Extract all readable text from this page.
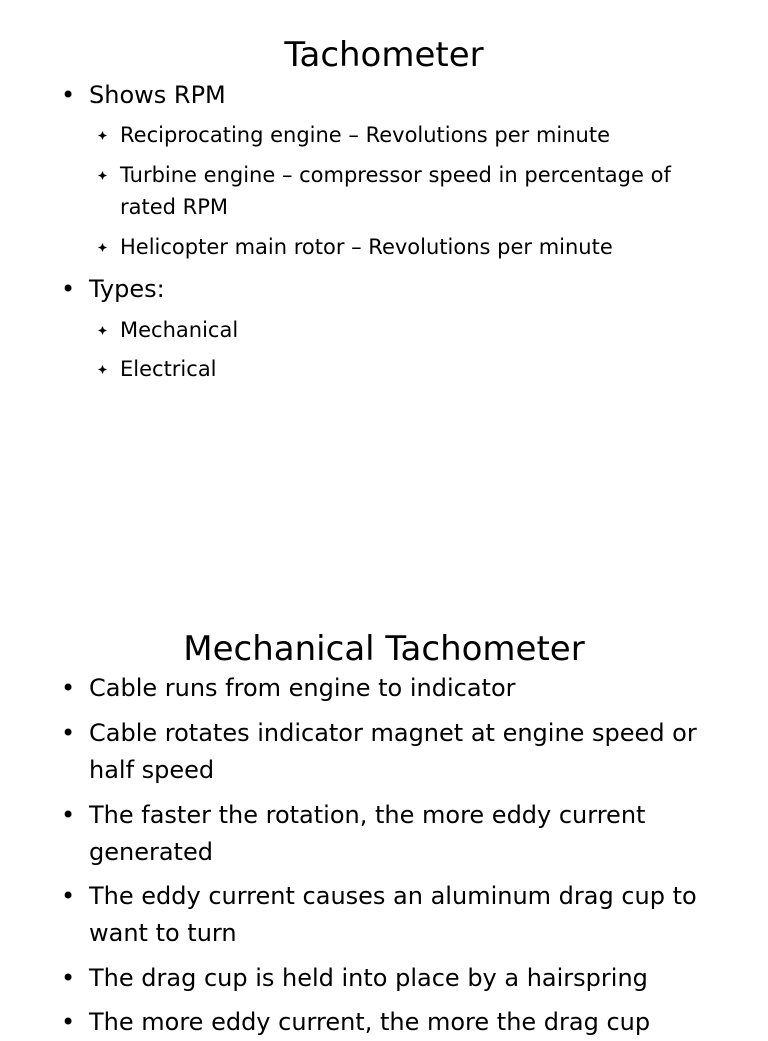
Tachometer
• Shows RPM
Reciprocating engine – Revolutions per minute
Turbine engine – compressor speed in percentage of rated RPM
Helicopter main rotor – Revolutions per minute
• Types:
Mechanical
Electrical
Mechanical Tachometer
• Cable runs from engine to indicator
• Cable rotates indicator magnet at engine speed or half speed
• The faster the rotation, the more eddy current generated
• The eddy current causes an aluminum drag cup to want to turn
• The drag cup is held into place by a hairspring
• The more eddy current, the more the drag cup
